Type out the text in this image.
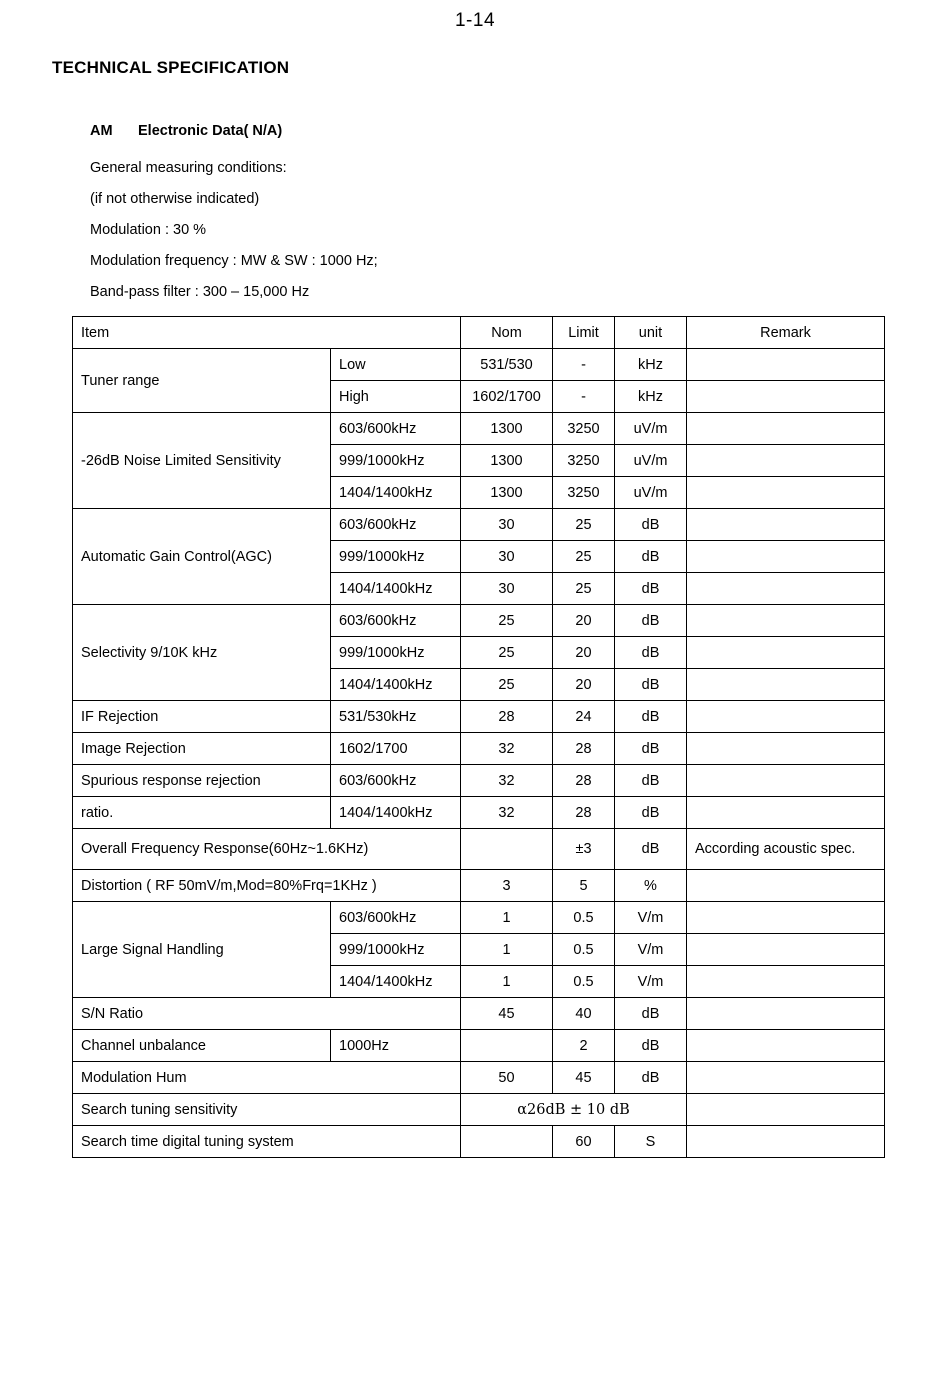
1-14
TECHNICAL SPECIFICATION
AM Electronic Data( N/A)
General measuring conditions:
(if not otherwise indicated)
Modulation : 30 %
Modulation frequency : MW & SW : 1000 Hz;
Band-pass filter : 300 – 15,000 Hz
Item		Nom	Limit	unit	Remark
Tuner range	Low	531/530	-	kHz	
	High	1602/1700	-	kHz	
-26dB Noise Limited Sensitivity	603/600kHz	1300	3250	uV/m	
	999/1000kHz	1300	3250	uV/m	
	1404/1400kHz	1300	3250	uV/m	
Automatic Gain Control(AGC)	603/600kHz	30	25	dB	
	999/1000kHz	30	25	dB	
	1404/1400kHz	30	25	dB	
Selectivity 9/10K kHz	603/600kHz	25	20	dB	
	999/1000kHz	25	20	dB	
	1404/1400kHz	25	20	dB	
IF Rejection	531/530kHz	28	24	dB	
Image Rejection	1602/1700	32	28	dB	
Spurious response rejection	603/600kHz	32	28	dB	
ratio.	1404/1400kHz	32	28	dB	
Overall Frequency Response(60Hz~1.6KHz)			±3	dB	According acoustic spec.
Distortion ( RF 50mV/m,Mod=80%Frq=1KHz )		3	5	%	
Large Signal Handling	603/600kHz	1	0.5	V/m	
	999/1000kHz	1	0.5	V/m	
	1404/1400kHz	1	0.5	V/m	
S/N Ratio		45	40	dB	
Channel unbalance	1000Hz		2	dB	
Modulation Hum		50	45	dB	
Search tuning sensitivity		α26dB ± 10 dB			
Search time digital tuning system			60	S	
